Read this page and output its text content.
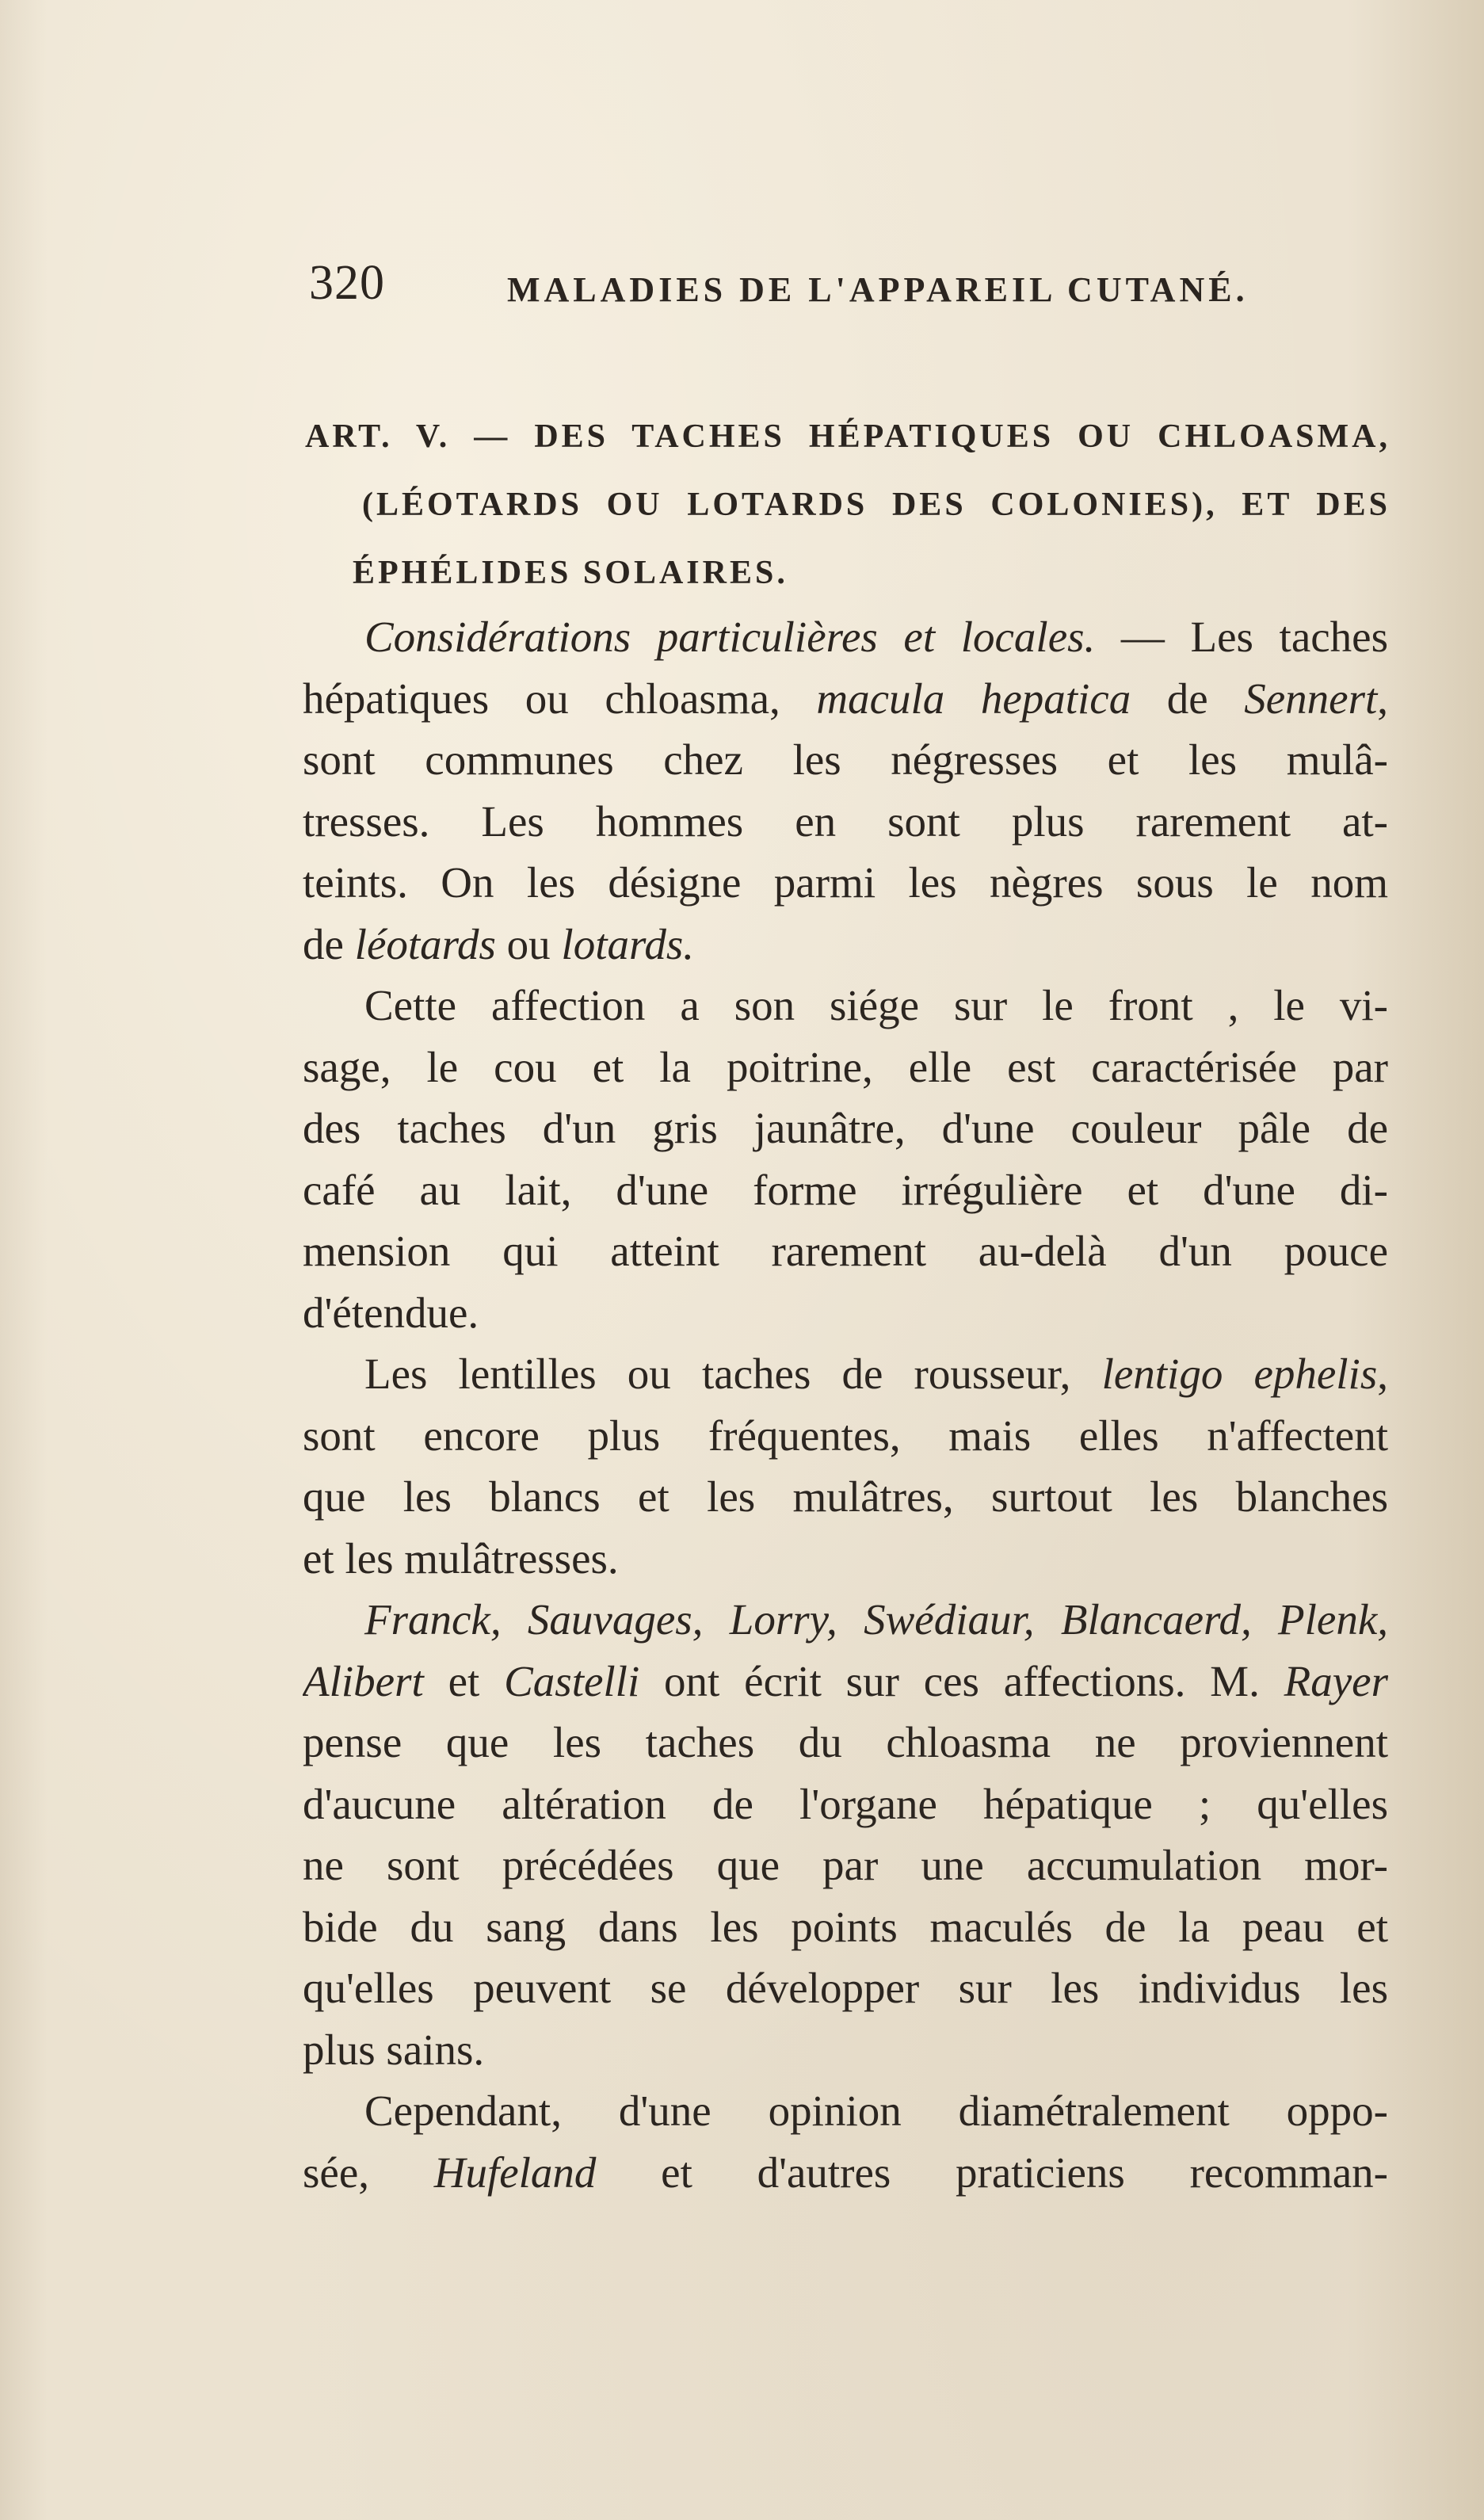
320	MALADIES DE L'APPAREIL CUTANÉ.
ART. V. — DES TACHES HÉPATIQUES OU CHLOASMA,
(LÉOTARDS OU LOTARDS DES COLONIES), ET DES
ÉPHÉLIDES SOLAIRES.
Considérations particulières et locales. — Les taches
hépatiques ou chloasma, macula hepatica de Sennert,
sont communes chez les négresses et les mulâ-
tresses. Les hommes en sont plus rarement at-
teints. On les désigne parmi les nègres sous le nom
de léotards ou lotards.
Cette affection a son siége sur le front , le vi-
sage, le cou et la poitrine, elle est caractérisée par
des taches d'un gris jaunâtre, d'une couleur pâle de
café au lait, d'une forme irrégulière et d'une di-
mension qui atteint rarement au-delà d'un pouce
d'étendue.
Les lentilles ou taches de rousseur, lentigo ephelis,
sont encore plus fréquentes, mais elles n'affectent
que les blancs et les mulâtres, surtout les blanches
et les mulâtresses.
Franck, Sauvages, Lorry, Swédiaur, Blancaerd, Plenk,
Alibert et Castelli ont écrit sur ces affections. M. Rayer
pense que les taches du chloasma ne proviennent
d'aucune altération de l'organe hépatique ; qu'elles
ne sont précédées que par une accumulation mor-
bide du sang dans les points maculés de la peau et
qu'elles peuvent se développer sur les individus les
plus sains.
Cependant, d'une opinion diamétralement oppo-
sée, Hufeland et d'autres praticiens recomman-
